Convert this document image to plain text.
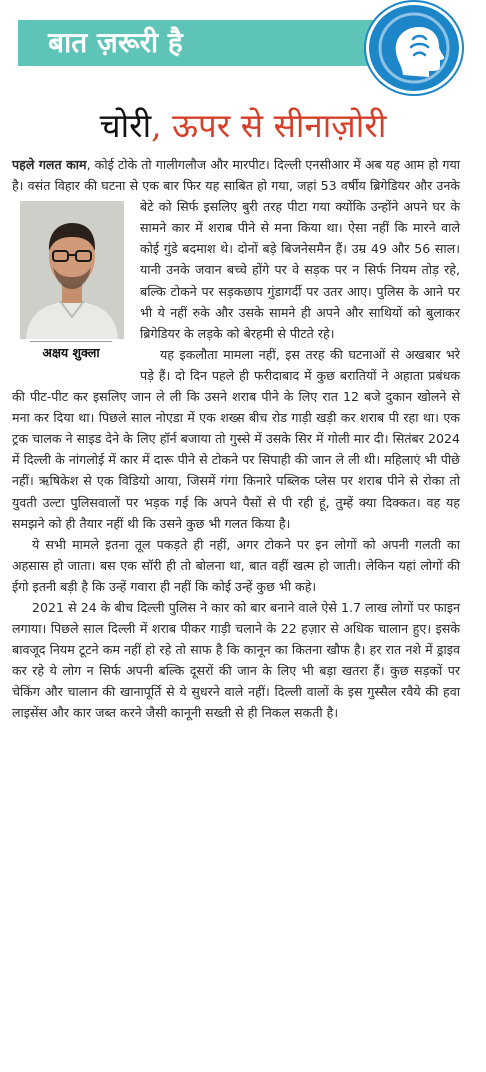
बात ज़रूरी है
चोरी, ऊपर से सीनाज़ोरी

पहले गलत काम, कोई टोके तो गालीगलौज और मारपीट। दिल्ली एनसीआर में अब यह आम हो गया है। वसंत विहार की घटना से एक बार फिर यह साबित हो गया, जहां 53 वर्षीय ब्रिगेडियर और उनके
अक्षय शुक्ला
बेटे को सिर्फ इसलिए बुरी तरह पीटा गया क्योंकि उन्होंने अपने घर के सामने कार में शराब पीने से मना किया था। ऐसा नहीं कि मारने वाले कोई गुंडे बदमाश थे। दोनों बड़े बिजनेसमैन हैं। उम्र 49 और 56 साल। यानी उनके जवान बच्चे होंगे पर वे सड़क पर न सिर्फ नियम तोड़ रहे, बल्कि टोकने पर सड़कछाप गुंडागर्दी पर उतर आए। पुलिस के आने पर भी ये नहीं रुके और उसके सामने ही अपने और साथियों को बुलाकर ब्रिगेडियर के लड़के को बेरहमी से पीटते रहे।

यह इकलौता मामला नहीं, इस तरह की घटनाओं से अखबार भरे पड़े हैं। दो दिन पहले ही फरीदाबाद में कुछ बरातियों ने अहाता प्रबंधक की पीट-पीट कर इसलिए जान ले ली कि उसने शराब पीने के लिए रात 12 बजे दुकान खोलने से मना कर दिया था। पिछले साल नोएडा में एक शख्स बीच रोड गाड़ी खड़ी कर शराब पी रहा था। एक ट्रक चालक ने साइड देने के लिए हॉर्न बजाया तो गुस्से में उसके सिर में गोली मार दी। सितंबर 2024 में दिल्ली के नांगलोई में कार में दारू पीने से टोकने पर सिपाही की जान ले ली थी। महिलाएं भी पीछे नहीं। ऋषिकेश से एक विडियो आया, जिसमें गंगा किनारे पब्लिक प्लेस पर शराब पीने से रोका तो युवती उल्टा पुलिसवालों पर भड़क गई कि अपने पैसों से पी रही हूं, तुम्हें क्या दिक्कत। वह यह समझने को ही तैयार नहीं थी कि उसने कुछ भी गलत किया है।

ये सभी मामले इतना तूल पकड़ते ही नहीं, अगर टोकने पर इन लोगों को अपनी गलती का अहसास हो जाता। बस एक सॉरी ही तो बोलना था, बात वहीं खत्म हो जाती। लेकिन यहां लोगों की ईगो इतनी बड़ी है कि उन्हें गवारा ही नहीं कि कोई उन्हें कुछ भी कहे।

2021 से 24 के बीच दिल्ली पुलिस ने कार को बार बनाने वाले ऐसे 1.7 लाख लोगों पर फाइन लगाया। पिछले साल दिल्ली में शराब पीकर गाड़ी चलाने के 22 हज़ार से अधिक चालान हुए। इसके बावजूद नियम टूटने कम नहीं हो रहे तो साफ है कि कानून का कितना खौफ है। हर रात नशे में ड्राइव कर रहे ये लोग न सिर्फ अपनी बल्कि दूसरों की जान के लिए भी बड़ा खतरा हैं। कुछ सड़कों पर चेकिंग और चालान की खानापूर्ति से ये सुधरने वाले नहीं। दिल्ली वालों के इस गुस्सैल रवैये की हवा लाइसेंस और कार जब्त करने जैसी कानूनी सख्ती से ही निकल सकती है।
